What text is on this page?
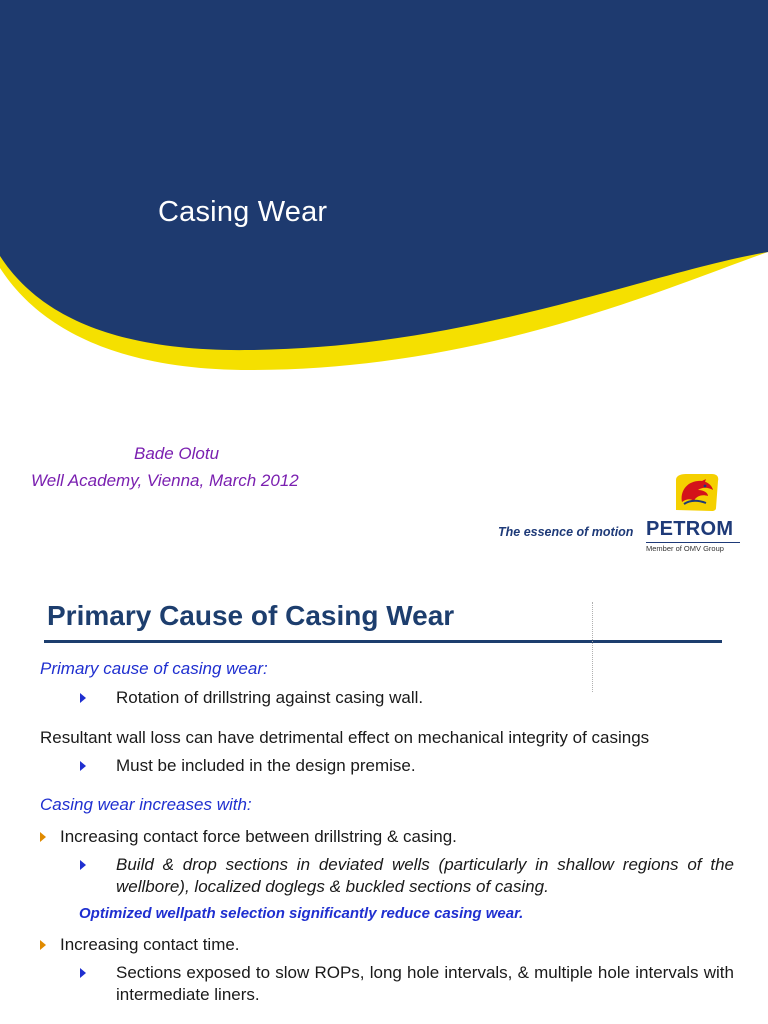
Casing Wear
Bade Olotu
Well Academy, Vienna, March 2012
The essence of motion PETROM
Member of OMV Group
Primary Cause of Casing Wear
Primary cause of casing wear:
Rotation of drillstring against casing wall.
Resultant wall loss can have detrimental effect on mechanical integrity of casings
Must be included in the design premise.
Casing wear increases with:
Increasing contact force between drillstring & casing.
Build & drop sections in deviated wells (particularly in shallow regions of the wellbore), localized doglegs & buckled sections of casing.
Optimized wellpath selection significantly reduce casing wear.
Increasing contact time.
Sections exposed to slow ROPs, long hole intervals, & multiple hole intervals with intermediate liners.
